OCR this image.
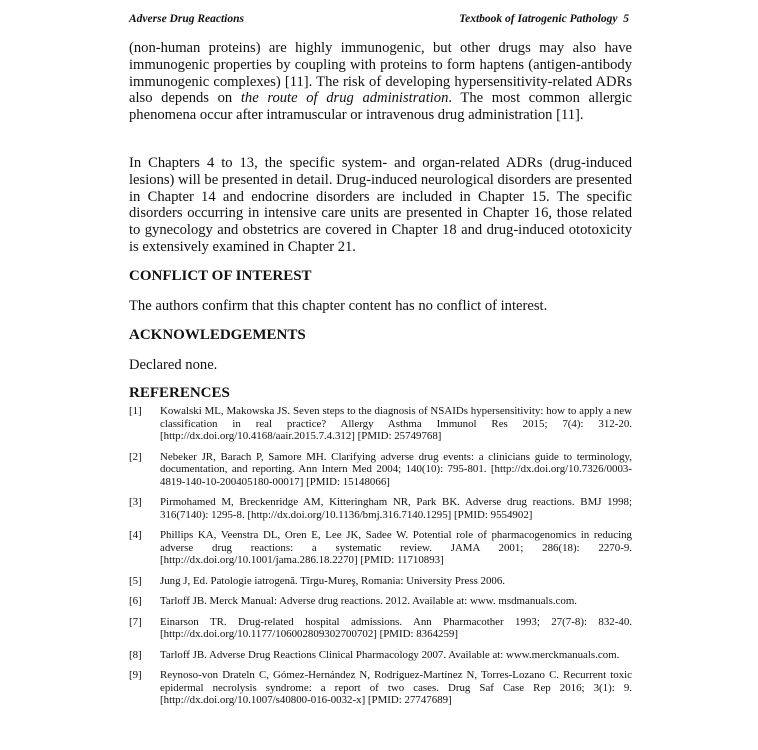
Adverse Drug Reactions	Textbook of Iatrogenic Pathology 5

(non-human proteins) are highly immunogenic, but other drugs may also have immunogenic properties by coupling with proteins to form haptens (antigen-antibody immunogenic complexes) [11]. The risk of developing hypersensitivity-related ADRs also depends on the route of drug administration. The most common allergic phenomena occur after intramuscular or intravenous drug administration [11].

In Chapters 4 to 13, the specific system- and organ-related ADRs (drug-induced lesions) will be presented in detail. Drug-induced neurological disorders are presented in Chapter 14 and endocrine disorders are included in Chapter 15. The specific disorders occurring in intensive care units are presented in Chapter 16, those related to gynecology and obstetrics are covered in Chapter 18 and drug-induced ototoxicity is extensively examined in Chapter 21.

CONFLICT OF INTEREST

The authors confirm that this chapter content has no conflict of interest.

ACKNOWLEDGEMENTS

Declared none.

REFERENCES
[1] Kowalski ML, Makowska JS. Seven steps to the diagnosis of NSAIDs hypersensitivity: how to apply a new classification in real practice? Allergy Asthma Immunol Res 2015; 7(4): 312-20. [http://dx.doi.org/10.4168/aair.2015.7.4.312] [PMID: 25749768]
[2] Nebeker JR, Barach P, Samore MH. Clarifying adverse drug events: a clinicians guide to terminology, documentation, and reporting. Ann Intern Med 2004; 140(10): 795-801. [http://dx.doi.org/10.7326/0003-4819-140-10-200405180-00017] [PMID: 15148066]
[3] Pirmohamed M, Breckenridge AM, Kitteringham NR, Park BK. Adverse drug reactions. BMJ 1998; 316(7140): 1295-8. [http://dx.doi.org/10.1136/bmj.316.7140.1295] [PMID: 9554902]
[4] Phillips KA, Veenstra DL, Oren E, Lee JK, Sadee W. Potential role of pharmacogenomics in reducing adverse drug reactions: a systematic review. JAMA 2001; 286(18): 2270-9. [http://dx.doi.org/10.1001/jama.286.18.2270] [PMID: 11710893]
[5] Jung J, Ed. Patologie iatrogenă. Tîrgu-Mureş, Romania: University Press 2006.
[6] Tarloff JB. Merck Manual: Adverse drug reactions. 2012. Available at: www. msdmanuals.com.
[7] Einarson TR. Drug-related hospital admissions. Ann Pharmacother 1993; 27(7-8): 832-40. [http://dx.doi.org/10.1177/106002809302700702] [PMID: 8364259]
[8] Tarloff JB. Adverse Drug Reactions Clinical Pharmacology 2007. Available at: www.merckmanuals.com.
[9] Reynoso-von Drateln C, Gómez-Hernández N, Rodríguez-Martínez N, Torres-Lozano C. Recurrent toxic epidermal necrolysis syndrome: a report of two cases. Drug Saf Case Rep 2016; 3(1): 9. [http://dx.doi.org/10.1007/s40800-016-0032-x] [PMID: 27747689]
